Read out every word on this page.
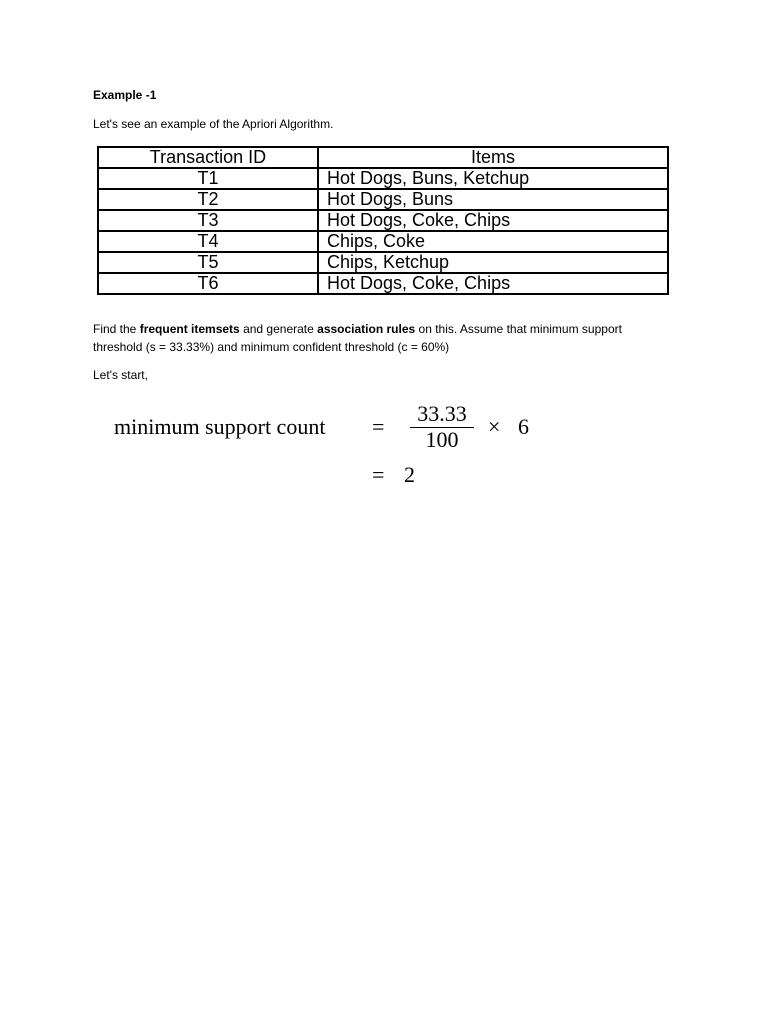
Example -1
Let's see an example of the Apriori Algorithm.
Transaction ID	Items
T1	Hot Dogs, Buns, Ketchup
T2	Hot Dogs, Buns
T3	Hot Dogs, Coke, Chips
T4	Chips, Coke
T5	Chips, Ketchup
T6	Hot Dogs, Coke, Chips
Find the frequent itemsets and generate association rules on this. Assume that minimum support threshold (s = 33.33%) and minimum confident threshold (c = 60%)
Let's start,
minimum support count =
33.33
100
× 6
= 2
